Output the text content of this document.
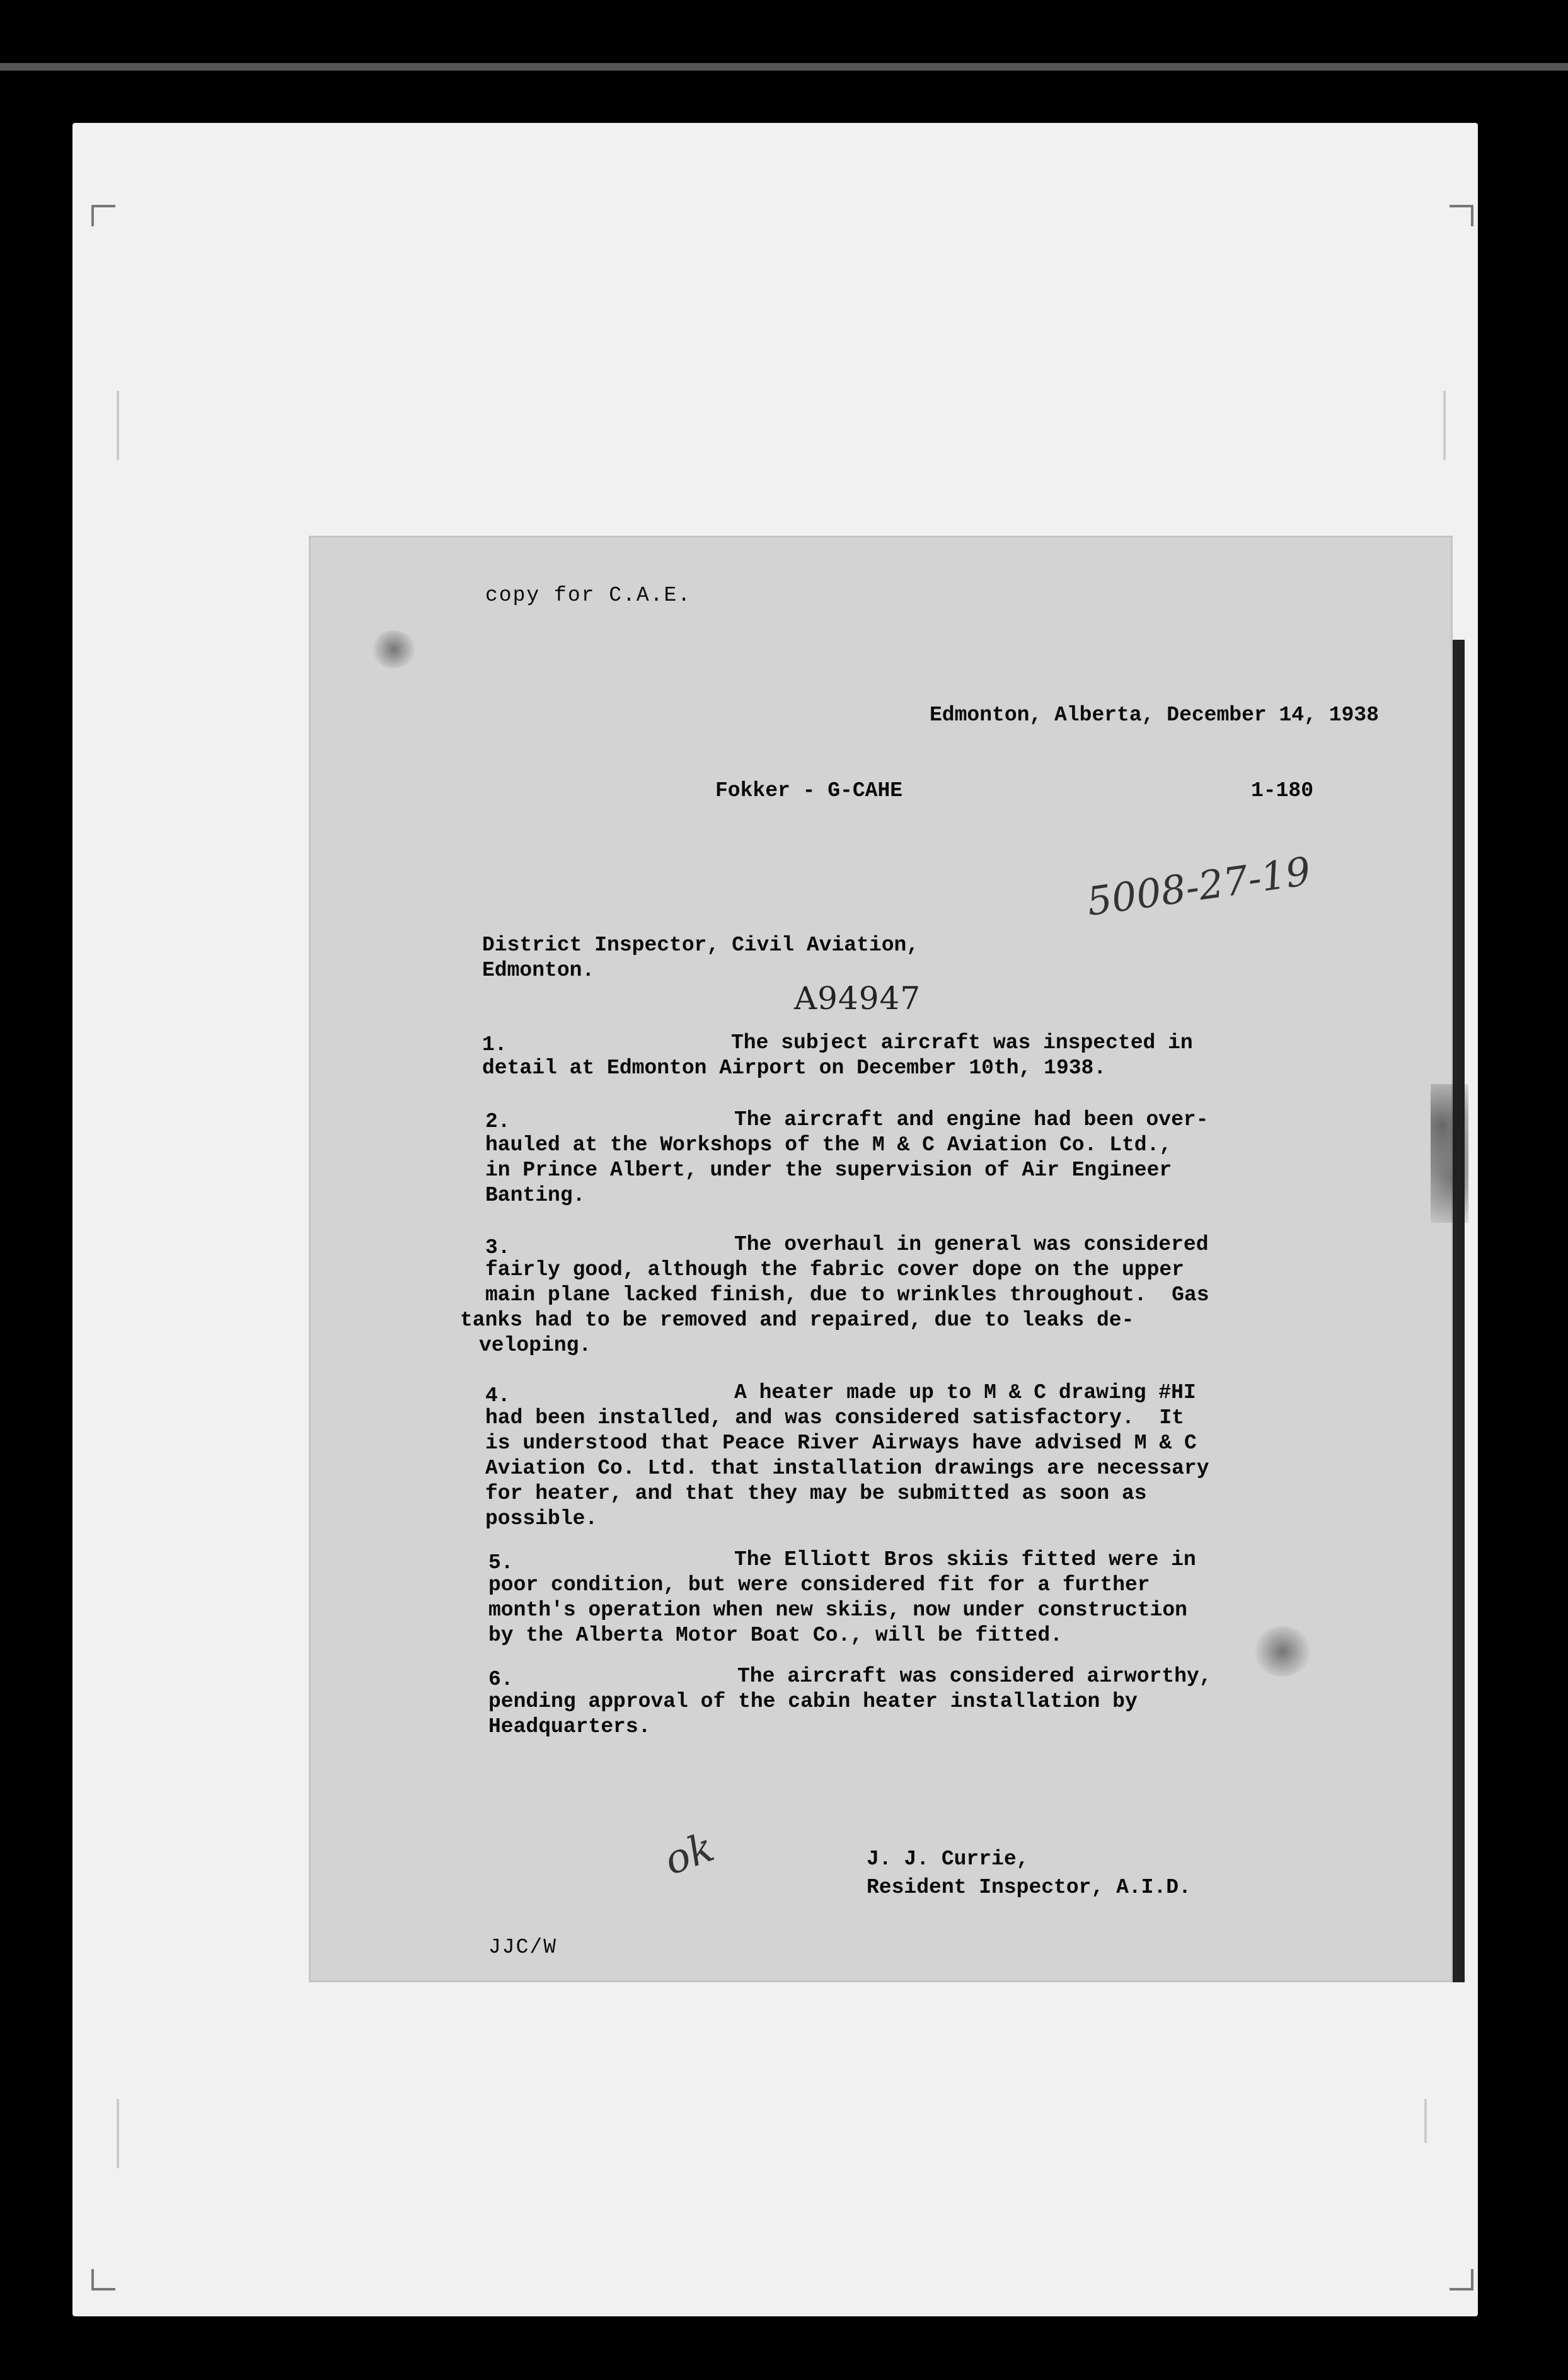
copy for C.A.E.
Edmonton, Alberta, December 14, 1938
Fokker - G-CAHE	1-180
5008-27-19
District Inspector, Civil Aviation,
Edmonton.
A94947
1.	The subject aircraft was inspected in
detail at Edmonton Airport on December 10th, 1938.
2.	The aircraft and engine had been over-
hauled at the Workshops of the M & C Aviation Co. Ltd.,
in Prince Albert, under the supervision of Air Engineer
Banting.
3.	The overhaul in general was considered
fairly good, although the fabric cover dope on the upper
main plane lacked finish, due to wrinkles throughout.  Gas
tanks had to be removed and repaired, due to leaks de-
veloping.
4.	A heater made up to M & C drawing #HI
had been installed, and was considered satisfactory.  It
is understood that Peace River Airways have advised M & C
Aviation Co. Ltd. that installation drawings are necessary
for heater, and that they may be submitted as soon as
possible.
5.	The Elliott Bros skiis fitted were in
poor condition, but were considered fit for a further
month's operation when new skiis, now under construction
by the Alberta Motor Boat Co., will be fitted.
6.	The aircraft was considered airworthy,
pending approval of the cabin heater installation by
Headquarters.
ok	J. J. Currie,
Resident Inspector, A.I.D.
JJC/W
